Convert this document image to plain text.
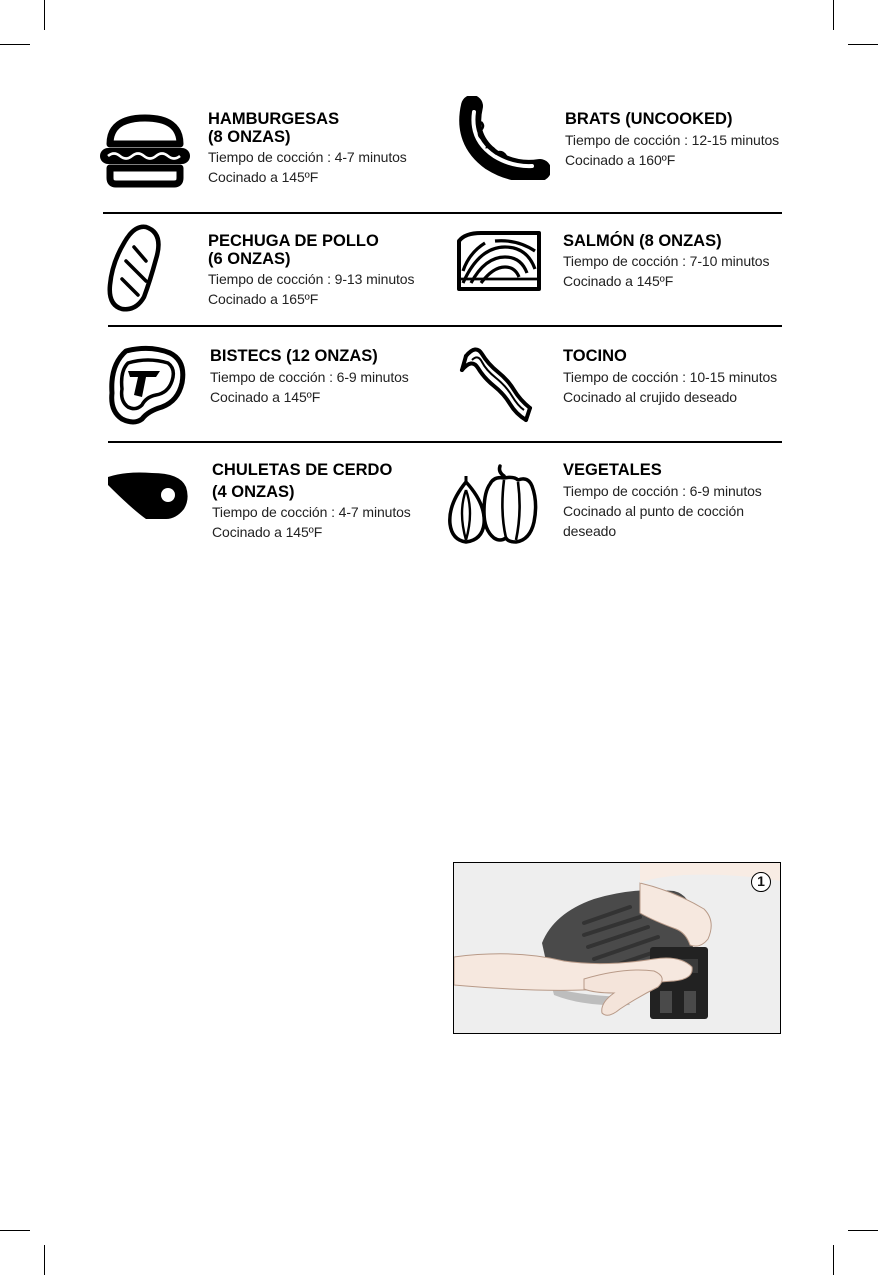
HAMBURGESAS
(8 ONZAS)
Tiempo de cocción : 4-7 minutos
Cocinado a 145ºF
BRATS (UNCOOKED)
Tiempo de cocción : 12-15 minutos
Cocinado a 160ºF
PECHUGA DE POLLO
(6 ONZAS)
Tiempo de cocción : 9-13 minutos
Cocinado a 165ºF
SALMÓN (8 ONZAS)
Tiempo de cocción : 7-10 minutos
Cocinado a 145ºF
BISTECS (12 ONZAS)
Tiempo de cocción : 6-9 minutos
Cocinado a 145ºF
TOCINO
Tiempo de cocción : 10-15 minutos
Cocinado al crujido deseado
CHULETAS DE CERDO
(4 ONZAS)
Tiempo de cocción : 4-7 minutos
Cocinado a 145ºF
VEGETALES
Tiempo de cocción : 6-9 minutos
Cocinado al punto de cocción
deseado
1
